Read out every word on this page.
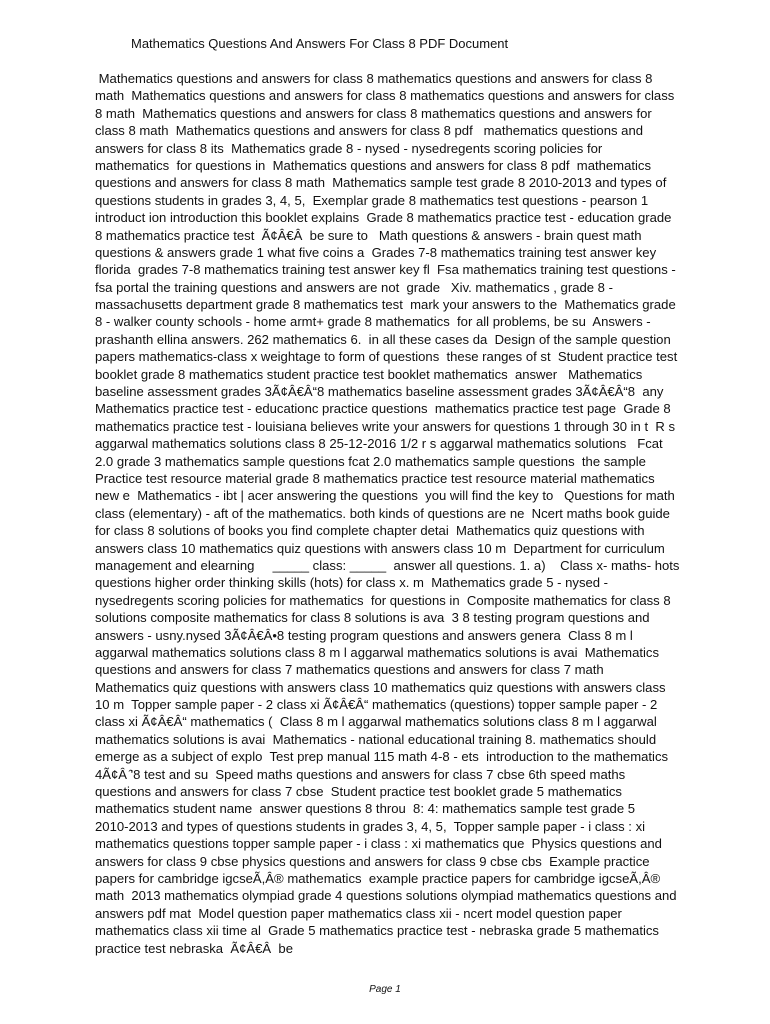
Mathematics Questions And Answers For Class 8 PDF Document
Mathematics questions and answers for class 8 mathematics questions and answers for class 8
math  Mathematics questions and answers for class 8 mathematics questions and answers for class
8 math  Mathematics questions and answers for class 8 mathematics questions and answers for
class 8 math  Mathematics questions and answers for class 8 pdf   mathematics questions and
answers for class 8 its  Mathematics grade 8 - nysed - nysedregents scoring policies for
mathematics  for questions in  Mathematics questions and answers for class 8 pdf  mathematics
questions and answers for class 8 math  Mathematics sample test grade 8 2010-2013 and types of
questions students in grades 3, 4, 5,  Exemplar grade 8 mathematics test questions - pearson 1
introduct ion introduction this booklet explains  Grade 8 mathematics practice test - education grade
8 mathematics practice test  Ã¢Â€Â  be sure to   Math questions & answers - brain quest math
questions & answers grade 1 what five coins a  Grades 7-8 mathematics training test answer key
florida  grades 7-8 mathematics training test answer key fl  Fsa mathematics training test questions -
fsa portal the training questions and answers are not  grade   Xiv. mathematics , grade 8 -
massachusetts department grade 8 mathematics test  mark your answers to the  Mathematics grade
8 - walker county schools - home armt+ grade 8 mathematics  for all problems, be su  Answers -
prashanth ellina answers. 262 mathematics 6.  in all these cases da  Design of the sample question
papers mathematics-class x weightage to form of questions  these ranges of st  Student practice test
booklet grade 8 mathematics student practice test booklet mathematics  answer   Mathematics
baseline assessment grades 3Ã¢Â€Â“8 mathematics baseline assessment grades 3Ã¢Â€Â“8  any
Mathematics practice test - educationc practice questions  mathematics practice test page  Grade 8
mathematics practice test - louisiana believes write your answers for questions 1 through 30 in t  R s
aggarwal mathematics solutions class 8 25-12-2016 1/2 r s aggarwal mathematics solutions   Fcat
2.0 grade 3 mathematics sample questions fcat 2.0 mathematics sample questions  the sample
Practice test resource material grade 8 mathematics practice test resource material mathematics
new e  Mathematics - ibt | acer answering the questions  you will find the key to   Questions for math
class (elementary) - aft of the mathematics. both kinds of questions are ne  Ncert maths book guide
for class 8 solutions of books you find complete chapter detai  Mathematics quiz questions with
answers class 10 mathematics quiz questions with answers class 10 m  Department for curriculum
management and elearning     _____ class: _____  answer all questions. 1. a)    Class x- maths- hots
questions higher order thinking skills (hots) for class x. m  Mathematics grade 5 - nysed -
nysedregents scoring policies for mathematics  for questions in  Composite mathematics for class 8
solutions composite mathematics for class 8 solutions is ava  3 8 testing program questions and
answers - usny.nysed 3Ã¢Â€Â•8 testing program questions and answers genera  Class 8 m l
aggarwal mathematics solutions class 8 m l aggarwal mathematics solutions is avai  Mathematics
questions and answers for class 7 mathematics questions and answers for class 7 math
Mathematics quiz questions with answers class 10 mathematics quiz questions with answers class
10 m  Topper sample paper - 2 class xi Ã¢Â€Â“ mathematics (questions) topper sample paper - 2
class xi Ã¢Â€Â“ mathematics (  Class 8 m l aggarwal mathematics solutions class 8 m l aggarwal
mathematics solutions is avai  Mathematics - national educational training 8. mathematics should
emerge as a subject of explo  Test prep manual 115 math 4-8 - ets  introduction to the mathematics
4Ã¢Â ̂'8 test and su  Speed maths questions and answers for class 7 cbse 6th speed maths
questions and answers for class 7 cbse  Student practice test booklet grade 5 mathematics
mathematics student name  answer questions 8 throu  8: 4: mathematics sample test grade 5
2010-2013 and types of questions students in grades 3, 4, 5,  Topper sample paper - i class : xi
mathematics questions topper sample paper - i class : xi mathematics que  Physics questions and
answers for class 9 cbse physics questions and answers for class 9 cbse cbs  Example practice
papers for cambridge igcseÃ,Â® mathematics  example practice papers for cambridge igcseÃ,Â®
math  2013 mathematics olympiad grade 4 questions solutions olympiad mathematics questions and
answers pdf mat  Model question paper mathematics class xii - ncert model question paper
mathematics class xii time al  Grade 5 mathematics practice test - nebraska grade 5 mathematics
practice test nebraska  Ã¢Â€Â  be
Page 1
